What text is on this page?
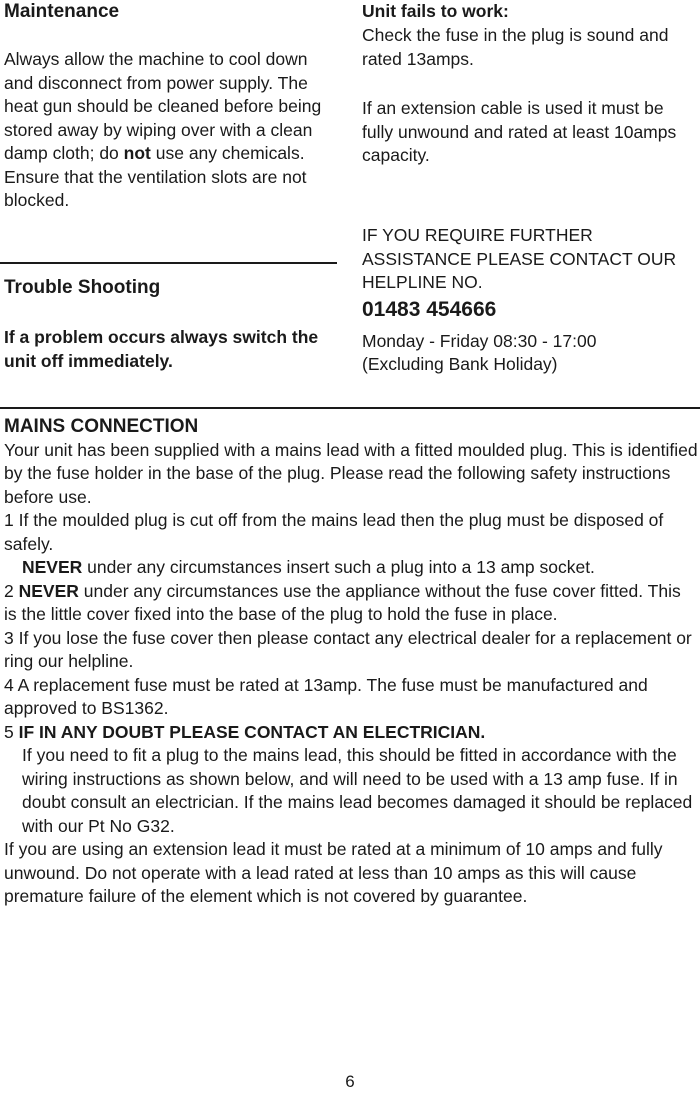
Maintenance
Always allow the machine to cool down and disconnect from power supply. The heat gun should be cleaned before being stored away by wiping over with a clean damp cloth; do not use any chemicals. Ensure that the ventilation slots are not blocked.
Trouble Shooting
If a problem occurs always switch the unit off immediately.
Unit fails to work:
Check the fuse in the plug is sound and rated 13amps.
If an extension cable is used it must be fully unwound and rated at least 10amps capacity.
IF YOU REQUIRE FURTHER ASSISTANCE PLEASE CONTACT OUR HELPLINE NO.
01483 454666
Monday - Friday 08:30 - 17:00
(Excluding Bank Holiday)

MAINS CONNECTION

Your unit has been supplied with a mains lead with a fitted moulded plug. This is identified by the fuse holder in the base of the plug. Please read the following safety instructions before use.

1 If the moulded plug is cut off from the mains lead then the plug must be disposed of safely.

NEVER under any circumstances insert such a plug into a 13 amp socket.

2 NEVER under any circumstances use the appliance without the fuse cover fitted. This is the little cover fixed into the base of the plug to hold the fuse in place.

3 If you lose the fuse cover then please contact any electrical dealer for a replacement or ring our helpline.

4 A replacement fuse must be rated at 13amp. The fuse must be manufactured and approved to BS1362.

5 IF IN ANY DOUBT PLEASE CONTACT AN ELECTRICIAN.

If you need to fit a plug to the mains lead, this should be fitted in accordance with the wiring instructions as shown below, and will need to be used with a 13 amp fuse. If in doubt consult an electrician. If the mains lead becomes damaged it should be replaced with our Pt No G32.

If you are using an extension lead it must be rated at a minimum of 10 amps and fully unwound. Do not operate with a lead rated at less than 10 amps as this will cause premature failure of the element which is not covered by guarantee.

6
